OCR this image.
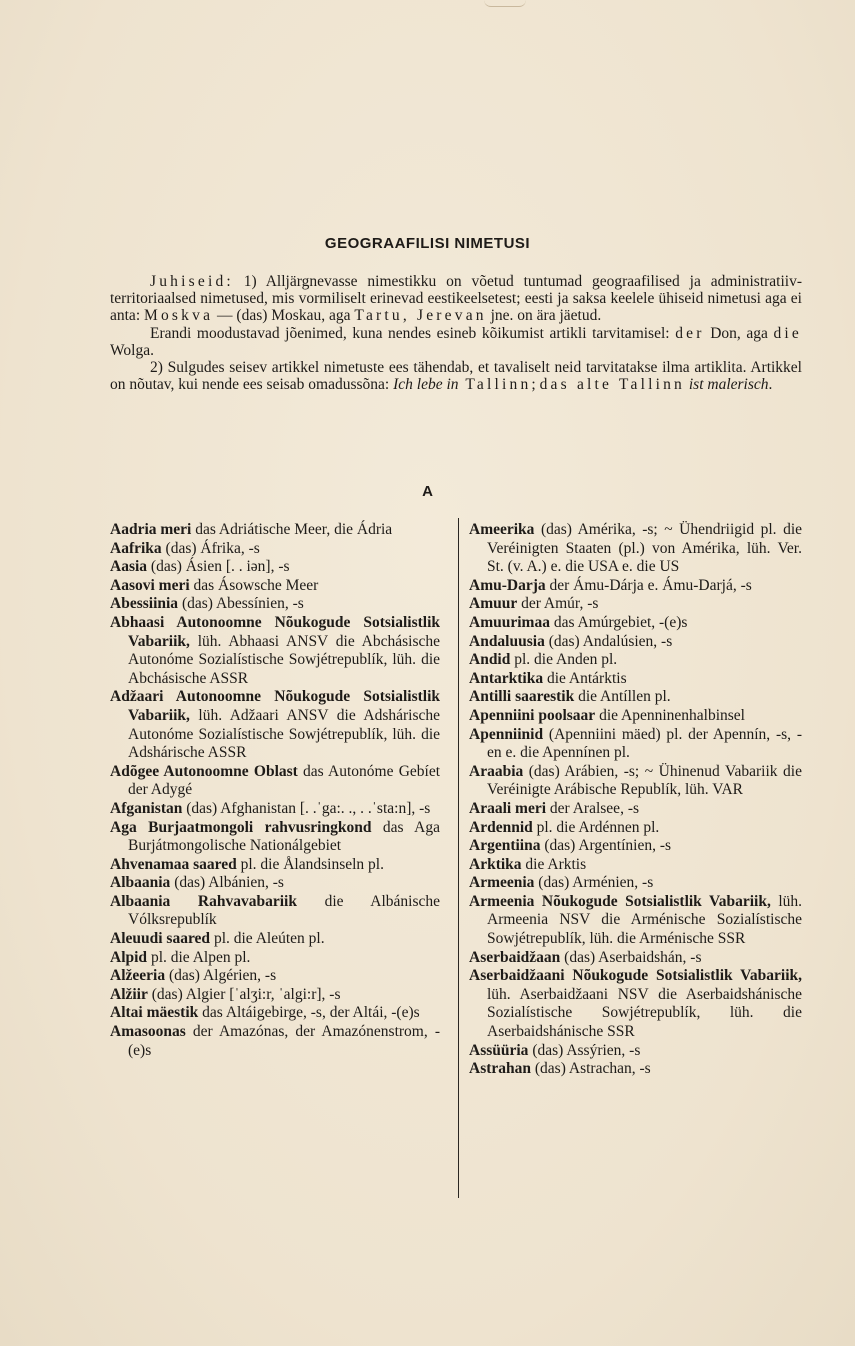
GEOGRAAFILISI NIMETUSI

Juhiseid: 1) Alljärgnevasse nimestikku on võetud tuntumad geograafilised ja administratiiv-territoriaalsed nimetused, mis vormiliselt erinevad eestikeelsetest; eesti ja saksa keelele ühiseid nimetusi aga ei anta: Moskva — (das) Moskau, aga Tartu, Jerevan jne. on ära jäetud.

Erandi moodustavad jõenimed, kuna nendes esineb kõikumist artikli tarvitamisel: der Don, aga die Wolga.

2) Sulgudes seisev artikkel nimetuste ees tähendab, et tavaliselt neid tarvitatakse ilma artiklita. Artikkel on nõutav, kui nende ees seisab omadussõna: Ich lebe in Tallinn; das alte Tallinn ist malerisch.

A
Aadria meri das Adriátische Meer, die Ádria
Aafrika (das) Áfrika, -s
Aasia (das) Ásien [. . iən], -s
Aasovi meri das Ásowsche Meer
Abessiinia (das) Abessínien, -s
Abhaasi Autonoomne Nõukogude Sotsialistlik Vabariik, lüh. Abhaasi ANSV die Abchásische Autonóme Sozialístische Sowjétrepublík, lüh. die Abchásische ASSR
Adžaari Autonoomne Nõukogude Sotsialistlik Vabariik, lüh. Adžaari ANSV die Adshárische Autonóme Sozialístische Sowjétrepublík, lüh. die Adshárische ASSR
Adõgee Autonoomne Oblast das Autonóme Gebíet der Adygé
Afganistan (das) Afghanistan [. .ˈga:. ., . .ˈsta:n], -s
Aga Burjaatmongoli rahvusringkond das Aga Burjátmongolische Nationálgebiet
Ahvenamaa saared pl. die Ålandsinseln pl.
Albaania (das) Albánien, -s
Albaania Rahvavabariik die Albánische Vólksrepublík
Aleuudi saared pl. die Aleúten pl.
Alpid pl. die Alpen pl.
Alžeeria (das) Algérien, -s
Alžiir (das) Algier [ˈalʒi:r, ˈalgi:r], -s
Altai mäestik das Altáigebirge, -s, der Altái, -(e)s
Amasoonas der Amazónas, der Amazónenstrom, -(e)s
Ameerika (das) Amérika, -s; ~ Ühendriigid pl. die Veréinigten Staaten (pl.) von Amérika, lüh. Ver. St. (v. A.) e. die USA e. die US
Amu-Darja der Ámu-Dárja e. Ámu-Darjá, -s
Amuur der Amúr, -s
Amuurimaa das Amúrgebiet, -(e)s
Andaluusia (das) Andalúsien, -s
Andid pl. die Anden pl.
Antarktika die Antárktis
Antilli saarestik die Antíllen pl.
Apenniini poolsaar die Apenninenhalbinsel
Apenniinid (Apenniini mäed) pl. der Apennín, -s, -en e. die Apennínen pl.
Araabia (das) Arábien, -s; ~ Ühinenud Vabariik die Veréinigte Arábische Republík, lüh. VAR
Araali meri der Aralsee, -s
Ardennid pl. die Ardénnen pl.
Argentiina (das) Argentínien, -s
Arktika die Arktis
Armeenia (das) Arménien, -s
Armeenia Nõukogude Sotsialistlik Vabariik, lüh. Armeenia NSV die Arménische Sozialístische Sowjétrepublík, lüh. die Arménische SSR
Aserbaidžaan (das) Aserbaidshán, -s
Aserbaidžaani Nõukogude Sotsialistlik Vabariik, lüh. Aserbaidžaani NSV die Aserbaidshánische Sozialístische Sowjétrepublík, lüh. die Aserbaidshánische SSR
Assüüria (das) Assýrien, -s
Astrahan (das) Astrachan, -s
